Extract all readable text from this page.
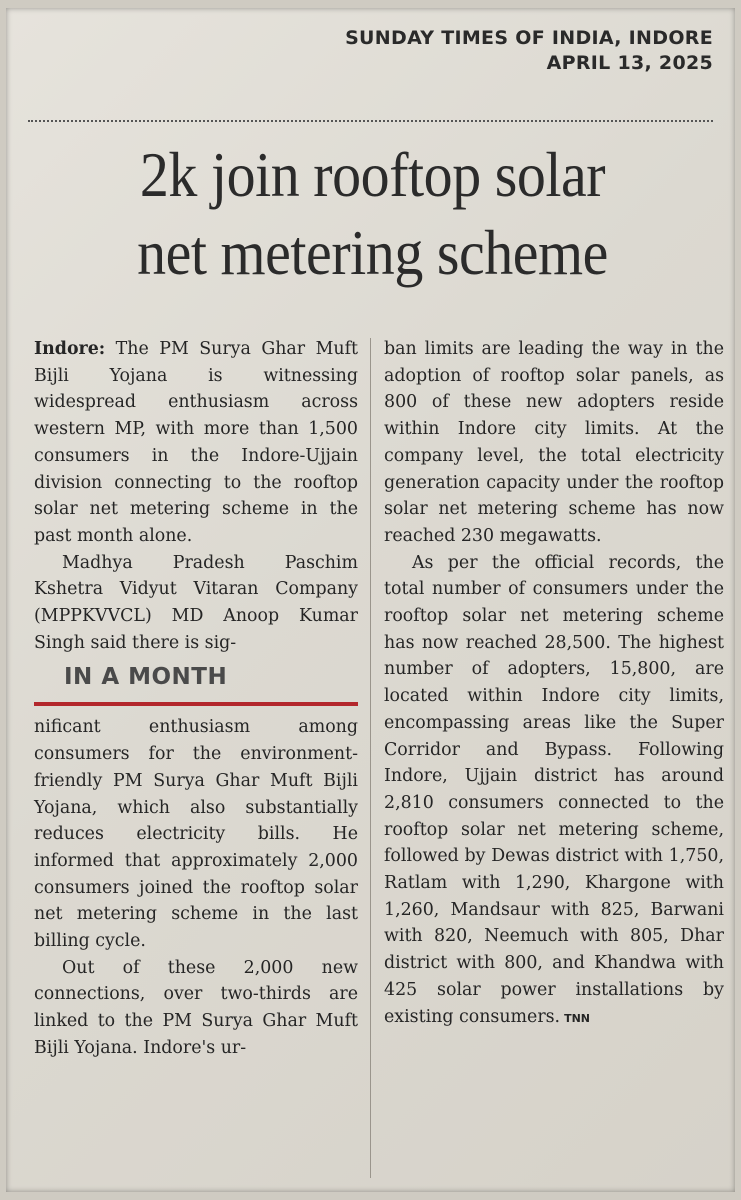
SUNDAY TIMES OF INDIA, INDORE
APRIL 13, 2025
2k join rooftop solar
net metering scheme

Indore: The PM Surya Ghar Muft Bijli Yojana is witnessing widespread enthusiasm across western MP, with more than 1,500 consumers in the Indore-Ujjain division connecting to the rooftop solar net metering scheme in the past month alone.

Madhya Pradesh Paschim Kshetra Vidyut Vitaran Company (MPPKVVCL) MD Anoop Kumar Singh said there is sig-

IN A MONTH

nificant enthusiasm among consumers for the environment-friendly PM Surya Ghar Muft Bijli Yojana, which also substantially reduces electricity bills. He informed that approximately 2,000 consumers joined the rooftop solar net metering scheme in the last billing cycle.

Out of these 2,000 new connections, over two-thirds are linked to the PM Surya Ghar Muft Bijli Yojana. Indore's ur-

ban limits are leading the way in the adoption of rooftop solar panels, as 800 of these new adopters reside within Indore city limits. At the company level, the total electricity generation capacity under the rooftop solar net metering scheme has now reached 230 megawatts.

As per the official records, the total number of consumers under the rooftop solar net metering scheme has now reached 28,500. The highest number of adopters, 15,800, are located within Indore city limits, encompassing areas like the Super Corridor and Bypass. Following Indore, Ujjain district has around 2,810 consumers connected to the rooftop solar net metering scheme, followed by Dewas district with 1,750, Ratlam with 1,290, Khargone with 1,260, Mandsaur with 825, Barwani with 820, Neemuch with 805, Dhar district with 800, and Khandwa with 425 solar power installations by existing consumers. TNN
